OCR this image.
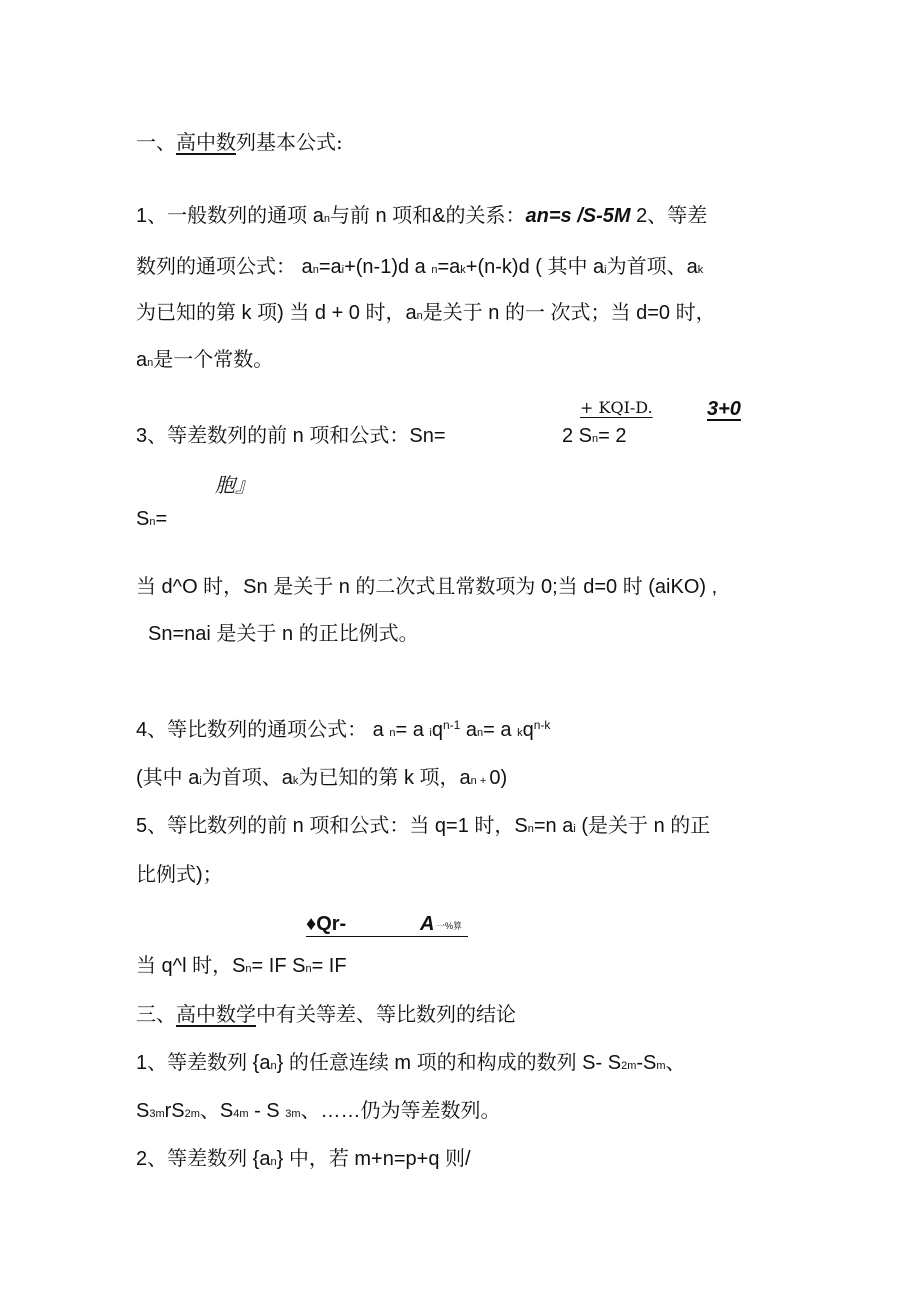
一、高中数列基本公式:
1、一般数列的通项 an与前 n 项和&的关系：an=s /S-5M 2、等差
数列的通项公式： an=ai+(n-1)d a n=ak+(n-k)d ( 其中 ai为首项、ak
为已知的第 k 项) 当 d + 0 时，an是关于 n 的一 次式；当 d=0 时，
an是一个常数。
+ KQI-D.	3+0
3、等差数列的前 n 项和公式：Sn=	2 Sn= 2
胞』
Sn=
当 d^O 时，Sn 是关于 n 的二次式且常数项为 0;当 d=0 时 (aiKO) ,
Sn=nai 是关于 n 的正比例式。
4、等比数列的通项公式： a n= a $iq^{n-1}$ an= a $kq^{n-k}$
(其中 ai为首项、ak为已知的第 k 项，an + 0)
5、等比数列的前 n 项和公式：当 q=1 时，Sn=n ai (是关于 n 的正
比例式)；
♦Qr-	A 一%算
当 q^l 时，Sn= IF Sn= IF
三、高中数学中有关等差、等比数列的结论
1、等差数列 {an} 的任意连续 m 项的和构成的数列 S- S2m-Sm、
S3mrS2m、S4m - S 3m、……仍为等差数列。
2、等差数列 {an} 中，若 m+n=p+q 则/
